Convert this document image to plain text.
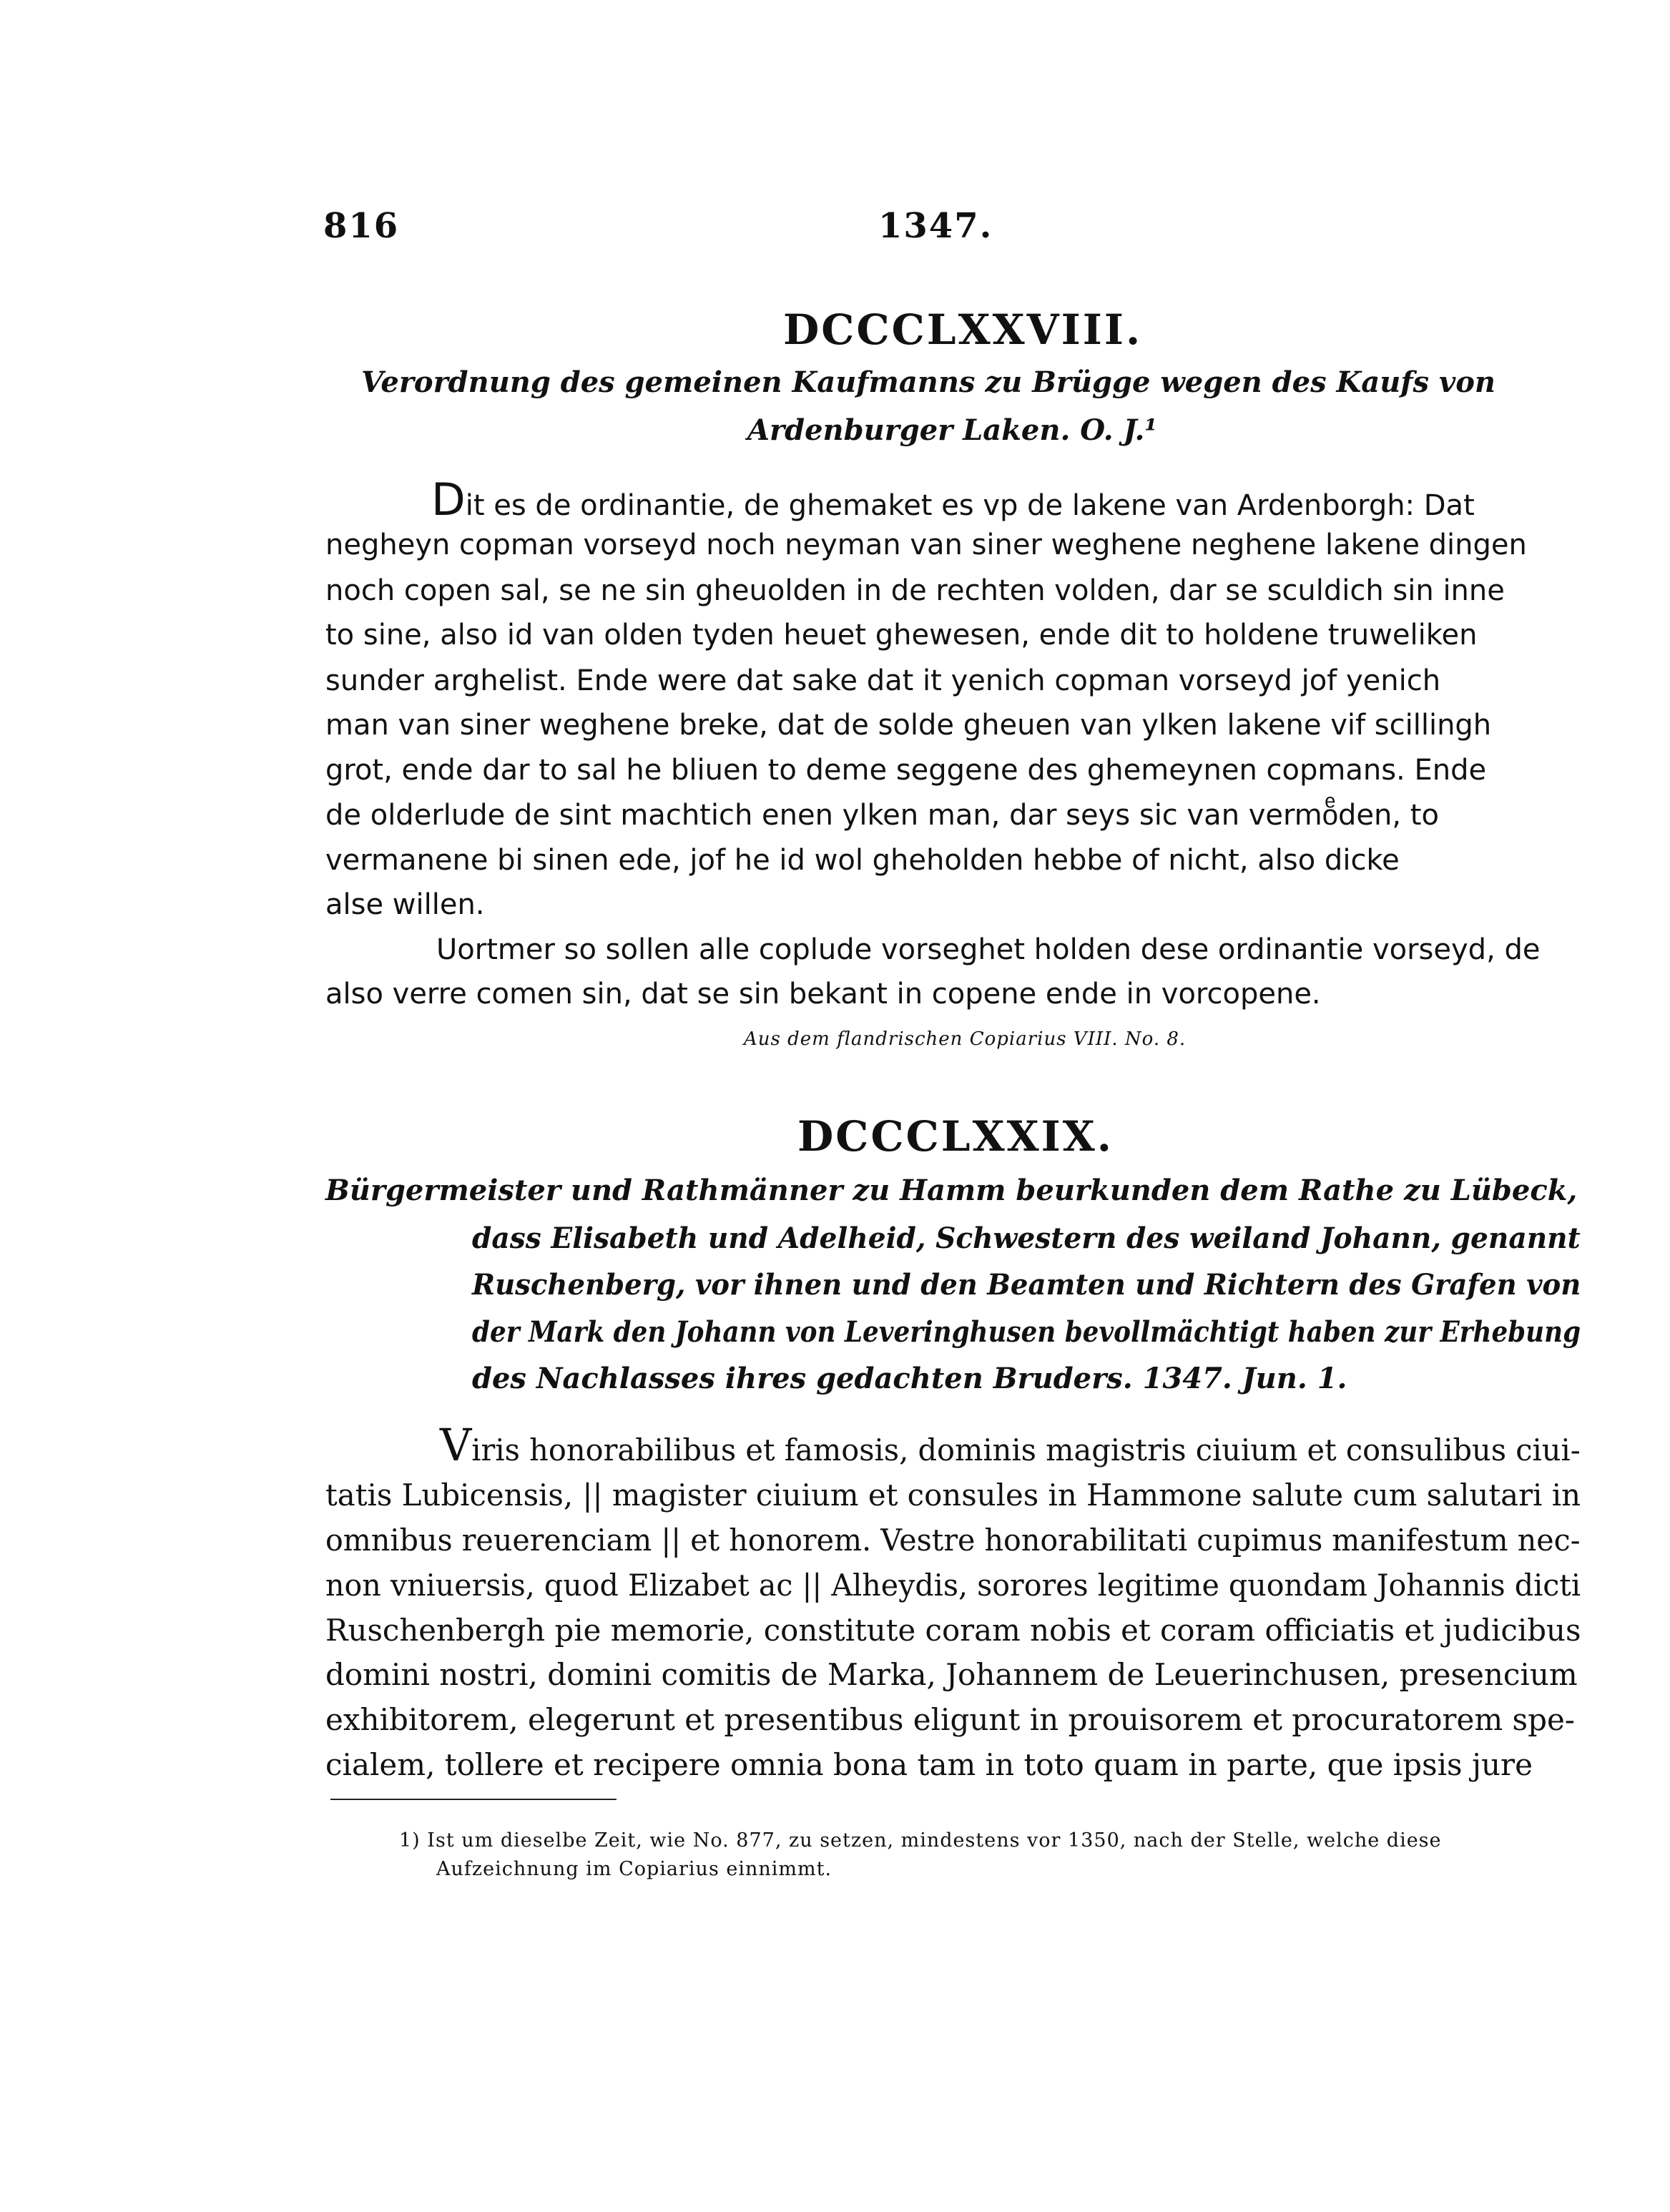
816	1347.
DCCCLXXVIII.
Verordnung des gemeinen Kaufmanns zu Brügge wegen des Kaufs von
Ardenburger Laken. O. J.¹
Dit es de ordinantie, de ghemaket es vp de lakene van Ardenborgh: Dat
negheyn copman vorseyd noch neyman van siner weghene neghene lakene dingen
noch copen sal, se ne sin gheuolden in de rechten volden, dar se sculdich sin inne
to sine, also id van olden tyden heuet ghewesen, ende dit to holdene truweliken
sunder arghelist. Ende were dat sake dat it yenich copman vorseyd jof yenich
man van siner weghene breke, dat de solde gheuen van ylken lakene vif scillingh
grot, ende dar to sal he bliuen to deme seggene des ghemeynen copmans. Ende
de olderlude de sint machtich enen ylken man, dar seys sic van vermoͤden, to
vermanene bi sinen ede, jof he id wol gheholden hebbe of nicht, also dicke
alse willen.
Uortmer so sollen alle coplude vorseghet holden dese ordinantie vorseyd, de
also verre comen sin, dat se sin bekant in copene ende in vorcopene.
Aus dem flandrischen Copiarius VIII. No. 8.
DCCCLXXIX.
Bürgermeister und Rathmänner zu Hamm beurkunden dem Rathe zu Lübeck,
dass Elisabeth und Adelheid, Schwestern des weiland Johann, genannt
Ruschenberg, vor ihnen und den Beamten und Richtern des Grafen von
der Mark den Johann von Leveringhusen bevollmächtigt haben zur Erhebung
des Nachlasses ihres gedachten Bruders. 1347. Jun. 1.
Viris honorabilibus et famosis, dominis magistris ciuium et consulibus ciui-
tatis Lubicensis, || magister ciuium et consules in Hammone salute cum salutari in
omnibus reuerenciam || et honorem. Vestre honorabilitati cupimus manifestum nec-
non vniuersis, quod Elizabet ac || Alheydis, sorores legitime quondam Johannis dicti
Ruschenbergh pie memorie, constitute coram nobis et coram officiatis et judicibus
domini nostri, domini comitis de Marka, Johannem de Leuerinchusen, presencium
exhibitorem, elegerunt et presentibus eligunt in prouisorem et procuratorem spe-
cialem, tollere et recipere omnia bona tam in toto quam in parte, que ipsis jure
1) Ist um dieselbe Zeit, wie No. 877, zu setzen, mindestens vor 1350, nach der Stelle, welche diese
Aufzeichnung im Copiarius einnimmt.
